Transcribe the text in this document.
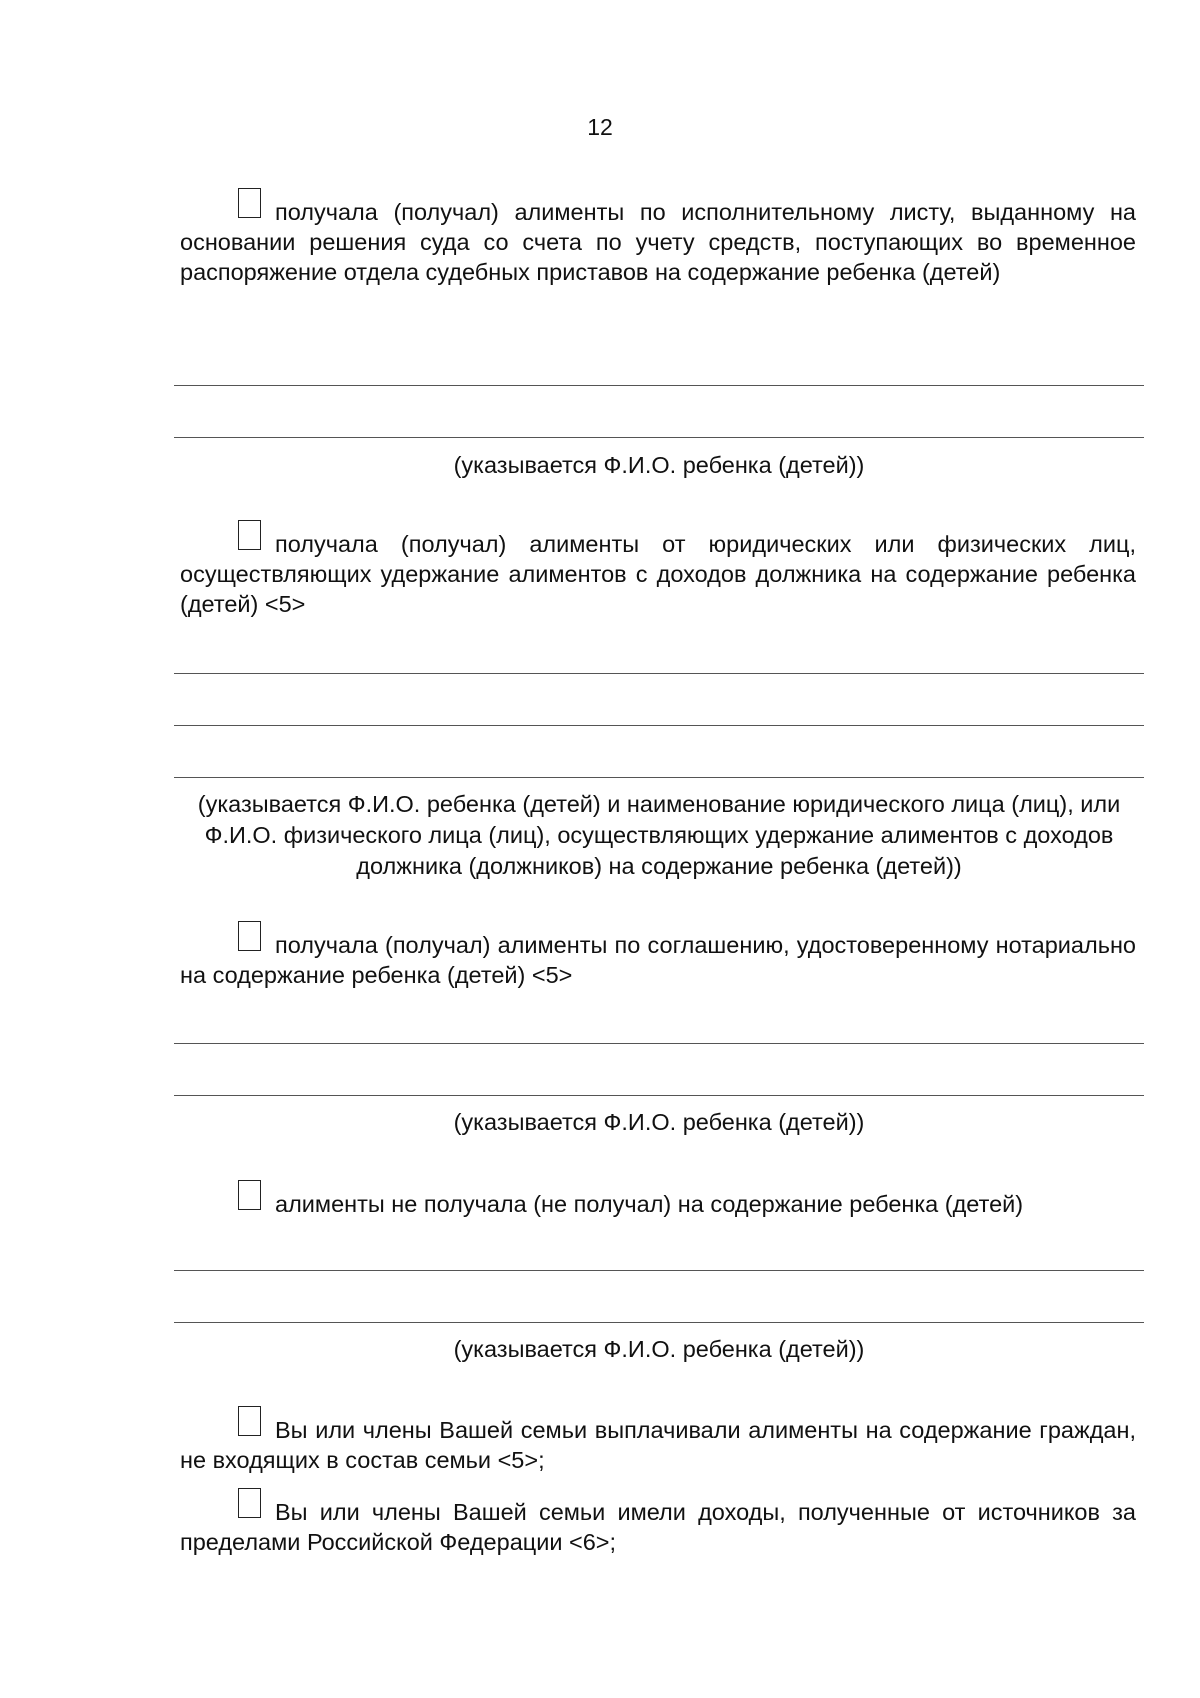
12
получала (получал) алименты по исполнительному листу, выданному на основании решения суда со счета по учету средств, поступающих во временное распоряжение отдела судебных приставов на содержание ребенка (детей)
(указывается Ф.И.О. ребенка (детей))
получала (получал) алименты от юридических или физических лиц, осуществляющих удержание алиментов с доходов должника на содержание ребенка (детей) <5>
(указывается Ф.И.О. ребенка (детей) и наименование юридического лица (лиц), или Ф.И.О. физического лица (лиц), осуществляющих удержание алиментов с доходов должника (должников) на содержание ребенка (детей))
получала (получал) алименты по соглашению, удостоверенному нотариально на содержание ребенка (детей) <5>
(указывается Ф.И.О. ребенка (детей))
алименты не получала (не получал) на содержание ребенка (детей)
(указывается Ф.И.О. ребенка (детей))
Вы или члены Вашей семьи выплачивали алименты на содержание граждан, не входящих в состав семьи <5>;
Вы или члены Вашей семьи имели доходы, полученные от источников за пределами Российской Федерации <6>;
